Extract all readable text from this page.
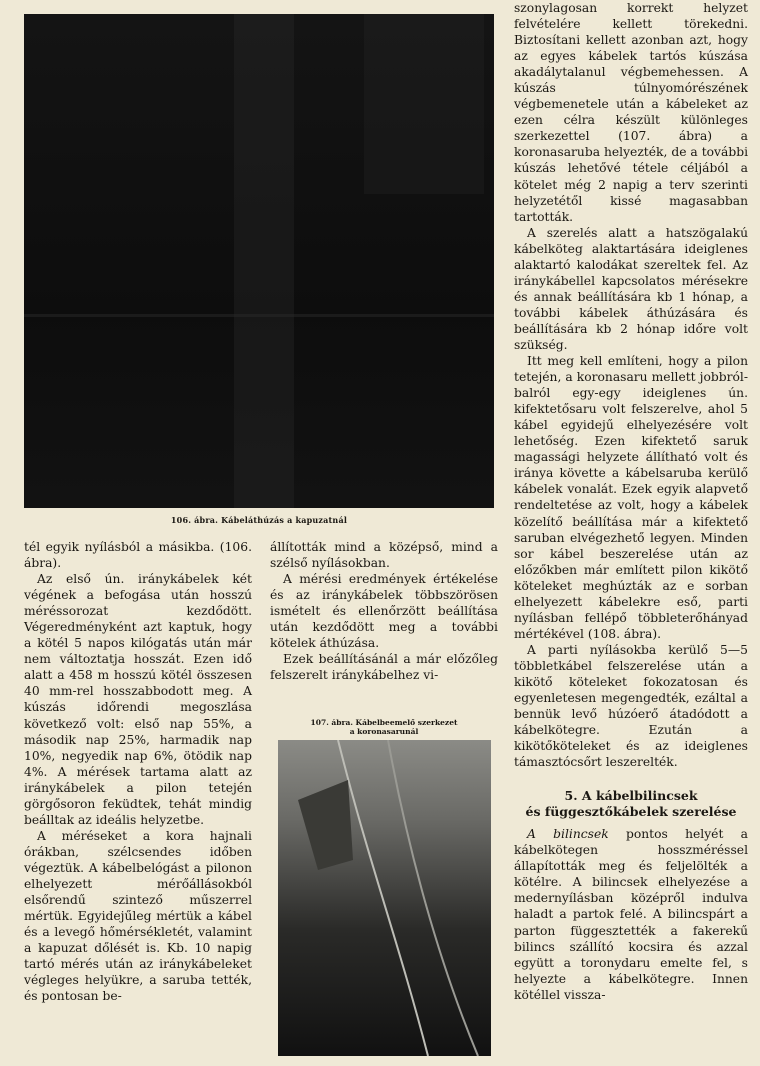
106. ábra. Kábeláthúzás a kapuzatnál

tél egyik nyílásból a másikba. (106. ábra).

Az első ún. iránykábelek két végének a befogása után hosszú méréssorozat kezdődött. Végeredményként azt kaptuk, hogy a kötél 5 napos kilógatás után már nem változtatja hosszát. Ezen idő alatt a 458 m hosszú kötél összesen 40 mm-rel hosszabbodott meg. A kúszás időrendi megoszlása következő volt: első nap 55%, a második nap 25%, harmadik nap 10%, negyedik nap 6%, ötödik nap 4%. A mérések tartama alatt az iránykábelek a pilon tetején görgősoron feküdtek, tehát mindig beálltak az ideális helyzetbe.

A méréseket a kora hajnali órákban, szélcsendes időben végeztük. A kábelbelógást a pilonon elhelyezett mérőállásokból elsőrendű szintező műszerrel mértük. Egyidejűleg mértük a kábel és a levegő hőmérsékletét, valamint a kapuzat dőlését is. Kb. 10 napig tartó mérés után az iránykábeleket végleges helyükre, a saruba tették, és pontosan be-

állították mind a középső, mind a szélső nyílásokban.

A mérési eredmények értékelése és az iránykábelek többszörösen ismételt és ellenőrzött beállítása után kezdődött meg a további kötelek áthúzása.

Ezek beállításánál a már előzőleg felszerelt iránykábelhez vi-

107. ábra. Kábelbeemelő szerkezet
a koronasarunál

szonylagosan korrekt helyzet felvételére kellett törekedni. Biztosítani kellett azonban azt, hogy az egyes kábelek tartós kúszása akadálytalanul végbemehessen. A kúszás túlnyomórészének végbemenetele után a kábeleket az ezen célra készült különleges szerkezettel (107. ábra) a koronasaruba helyezték, de a további kúszás lehetővé tétele céljából a kötelet még 2 napig a terv szerinti helyzetétől kissé magasabban tartották.

A szerelés alatt a hatszögalakú kábelköteg alaktartására ideiglenes alaktartó kalodákat szereltek fel. Az iránykábellel kapcsolatos mérésekre és annak beállítására kb 1 hónap, a további kábelek áthúzására és beállítására kb 2 hónap időre volt szükség.

Itt meg kell említeni, hogy a pilon tetején, a koronasaru mellett jobbról-balról egy-egy ideiglenes ún. kifektetősaru volt felszerelve, ahol 5 kábel egyidejű elhelyezésére volt lehetőség. Ezen kifektető saruk magassági helyzete állítható volt és iránya követte a kábelsaruba kerülő kábelek vonalát. Ezek egyik alapvető rendeltetése az volt, hogy a kábelek közelítő beállítása már a kifektető saruban elvégezhető legyen. Minden sor kábel beszerelése után az előzőkben már említett pilon kikötő köteleket meghúzták az e sorban elhelyezett kábelekre eső, parti nyílásban fellépő többleterőhányad mértékével (108. ábra).

A parti nyílásokba kerülő 5—5 többletkábel felszerelése után a kikötő köteleket fokozatosan és egyenletesen megengedték, ezáltal a bennük levő húzóerő átadódott a kábelkötegre. Ezután a kikötőköteleket és az ideiglenes támasztócsőrt leszerelték.

5. A kábelbilincsek
és függesztőkábelek szerelése

A bilincsek pontos helyét a kábelkötegen hosszméréssel állapították meg és feljelölték a kötélre. A bilincsek elhelyezése a medernyílásban középről indulva haladt a partok felé. A bilincspárt a parton függesztették a fakerekű bilincs szállító kocsira és azzal együtt a toronydaru emelte fel, s helyezte a kábelkötegre. Innen kötéllel vissza-
